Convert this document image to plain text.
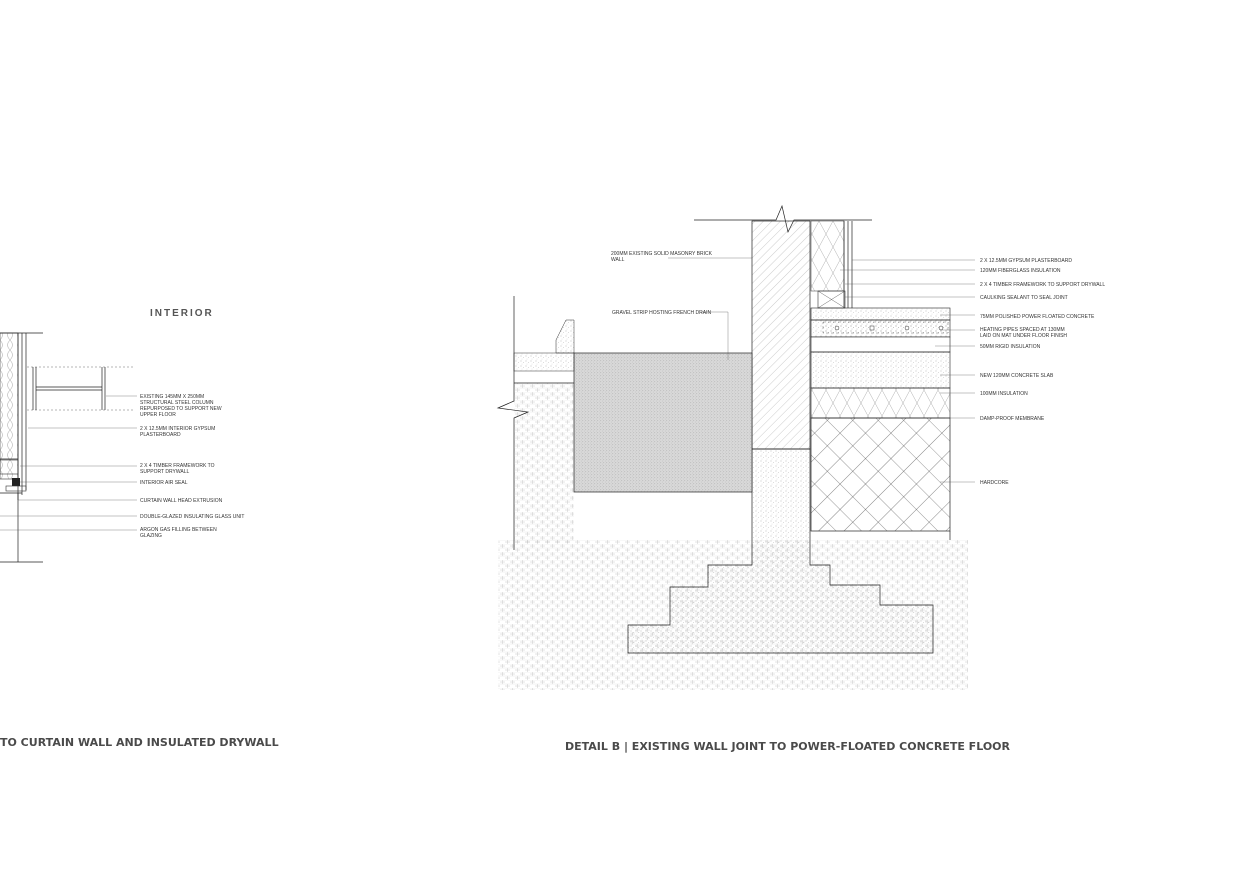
INTERIOR
EXISTING 145MM X 250MM STRUCTURAL STEEL COLUMN REPURPOSED TO SUPPORT NEW UPPER FLOOR
2 X 12.5MM INTERIOR GYPSUM PLASTERBOARD
2 X 4 TIMBER FRAMEWORK TO SUPPORT DRYWALL
INTERIOR AIR SEAL
CURTAIN WALL HEAD EXTRUSION
DOUBLE-GLAZED INSULATING GLASS UNIT
ARGON GAS FILLING BETWEEN GLAZING
TO CURTAIN WALL AND INSULATED DRYWALL
200MM EXISTING SOLID MASONRY BRICK WALL
GRAVEL STRIP HOSTING FRENCH DRAIN
2 X 12.5MM GYPSUM PLASTERBOARD
120MM FIBERGLASS INSULATION
2 X 4 TIMBER FRAMEWORK TO SUPPORT DRYWALL
CAULKING SEALANT TO SEAL JOINT
75MM POLISHED POWER FLOATED CONCRETE
HEATING PIPES SPACED AT 130MM LAID ON MAT UNDER FLOOR FINISH
50MM RIGID INSULATION
NEW 120MM CONCRETE SLAB
100MM INSULATION
DAMP-PROOF MEMBRANE
HARDCORE
DETAIL B | EXISTING WALL JOINT TO POWER-FLOATED CONCRETE FLOOR
